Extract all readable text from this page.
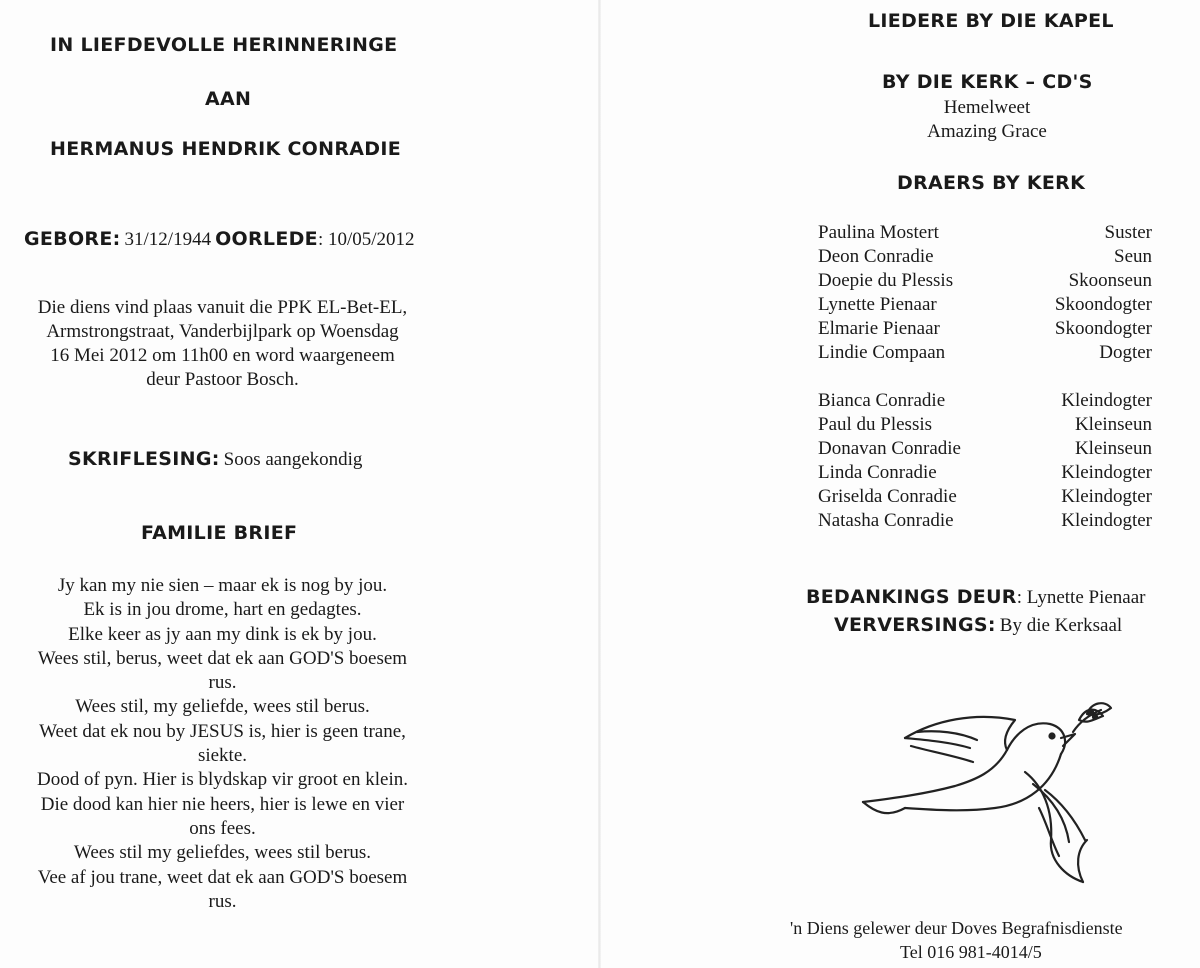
IN LIEFDEVOLLE HERINNERINGE
AAN
HERMANUS HENDRIK CONRADIE
GEBORE: 31/12/1944 OORLEDE: 10/05/2012
Die diens vind plaas vanuit die PPK EL-Bet-EL,
Armstrongstraat, Vanderbijlpark op Woensdag
16 Mei 2012 om 11h00 en word waargeneem
deur Pastoor Bosch.
SKRIFLESING: Soos aangekondig
FAMILIE BRIEF
Jy kan my nie sien – maar ek is nog by jou.
Ek is in jou drome, hart en gedagtes.
Elke keer as jy aan my dink is ek by jou.
Wees stil, berus, weet dat ek aan GOD'S boesem
rus.
Wees stil, my geliefde, wees stil berus.
Weet dat ek nou by JESUS is, hier is geen trane,
siekte.
Dood of pyn. Hier is blydskap vir groot en klein.
Die dood kan hier nie heers, hier is lewe en vier
ons fees.
Wees stil my geliefdes, wees stil berus.
Vee af jou trane, weet dat ek aan GOD'S boesem
rus.
LIEDERE BY DIE KAPEL
BY DIE KERK – CD'S
Hemelweet
Amazing Grace
DRAERS BY KERK
Paulina Mostert	Suster
Deon Conradie	Seun
Doepie du Plessis	Skoonseun
Lynette Pienaar	Skoondogter
Elmarie Pienaar	Skoondogter
Lindie Compaan	Dogter
Bianca Conradie	Kleindogter
Paul du Plessis	Kleinseun
Donavan Conradie	Kleinseun
Linda Conradie	Kleindogter
Griselda Conradie	Kleindogter
Natasha Conradie	Kleindogter
BEDANKINGS DEUR: Lynette Pienaar
VERVERSINGS: By die Kerksaal
'n Diens gelewer deur Doves Begrafnisdienste
Tel 016 981-4014/5
